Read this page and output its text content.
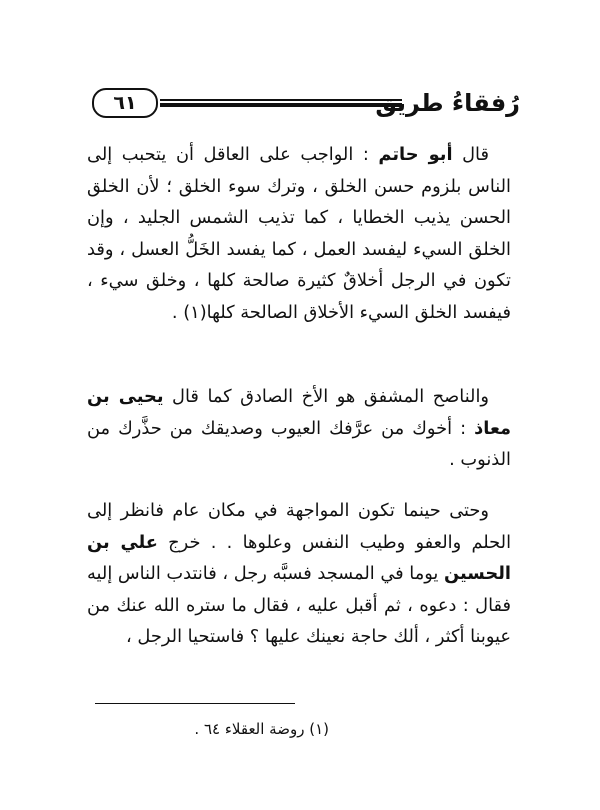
رُفقاءُ طريق
٦١

قال أبو حاتم : الواجب على العاقل أن يتحبب إلى الناس بلزوم حسن الخلق ، وترك سوء الخلق ؛ لأن الخلق الحسن يذيب الخطايا ، كما تذيب الشمس الجليد ، وإن الخلق السيء ليفسد العمل ، كما يفسد الخَلُّ العسل ، وقد تكون في الرجل أخلاقٌ كثيرة صالحة كلها ، وخلق سيء ، فيفسد الخلق السيء الأخلاق الصالحة كلها(١) .

والناصح المشفق هو الأخ الصادق كما قال يحيى بن معاذ : أخوك من عرَّفك العيوب وصديقك من حذَّرك من الذنوب .

وحتى حينما تكون المواجهة في مكان عام فانظر إلى الحلم والعفو وطيب النفس وعلوها . . خرج علي بن الحسين يوما في المسجد فسبَّه رجل ، فانتدب الناس إليه فقال : دعوه ، ثم أقبل عليه ، فقال ما ستره الله عنك من عيوبنا أكثر ، ألك حاجة نعينك عليها ؟ فاستحيا الرجل ،

(١) روضة العقلاء ٦٤ .
